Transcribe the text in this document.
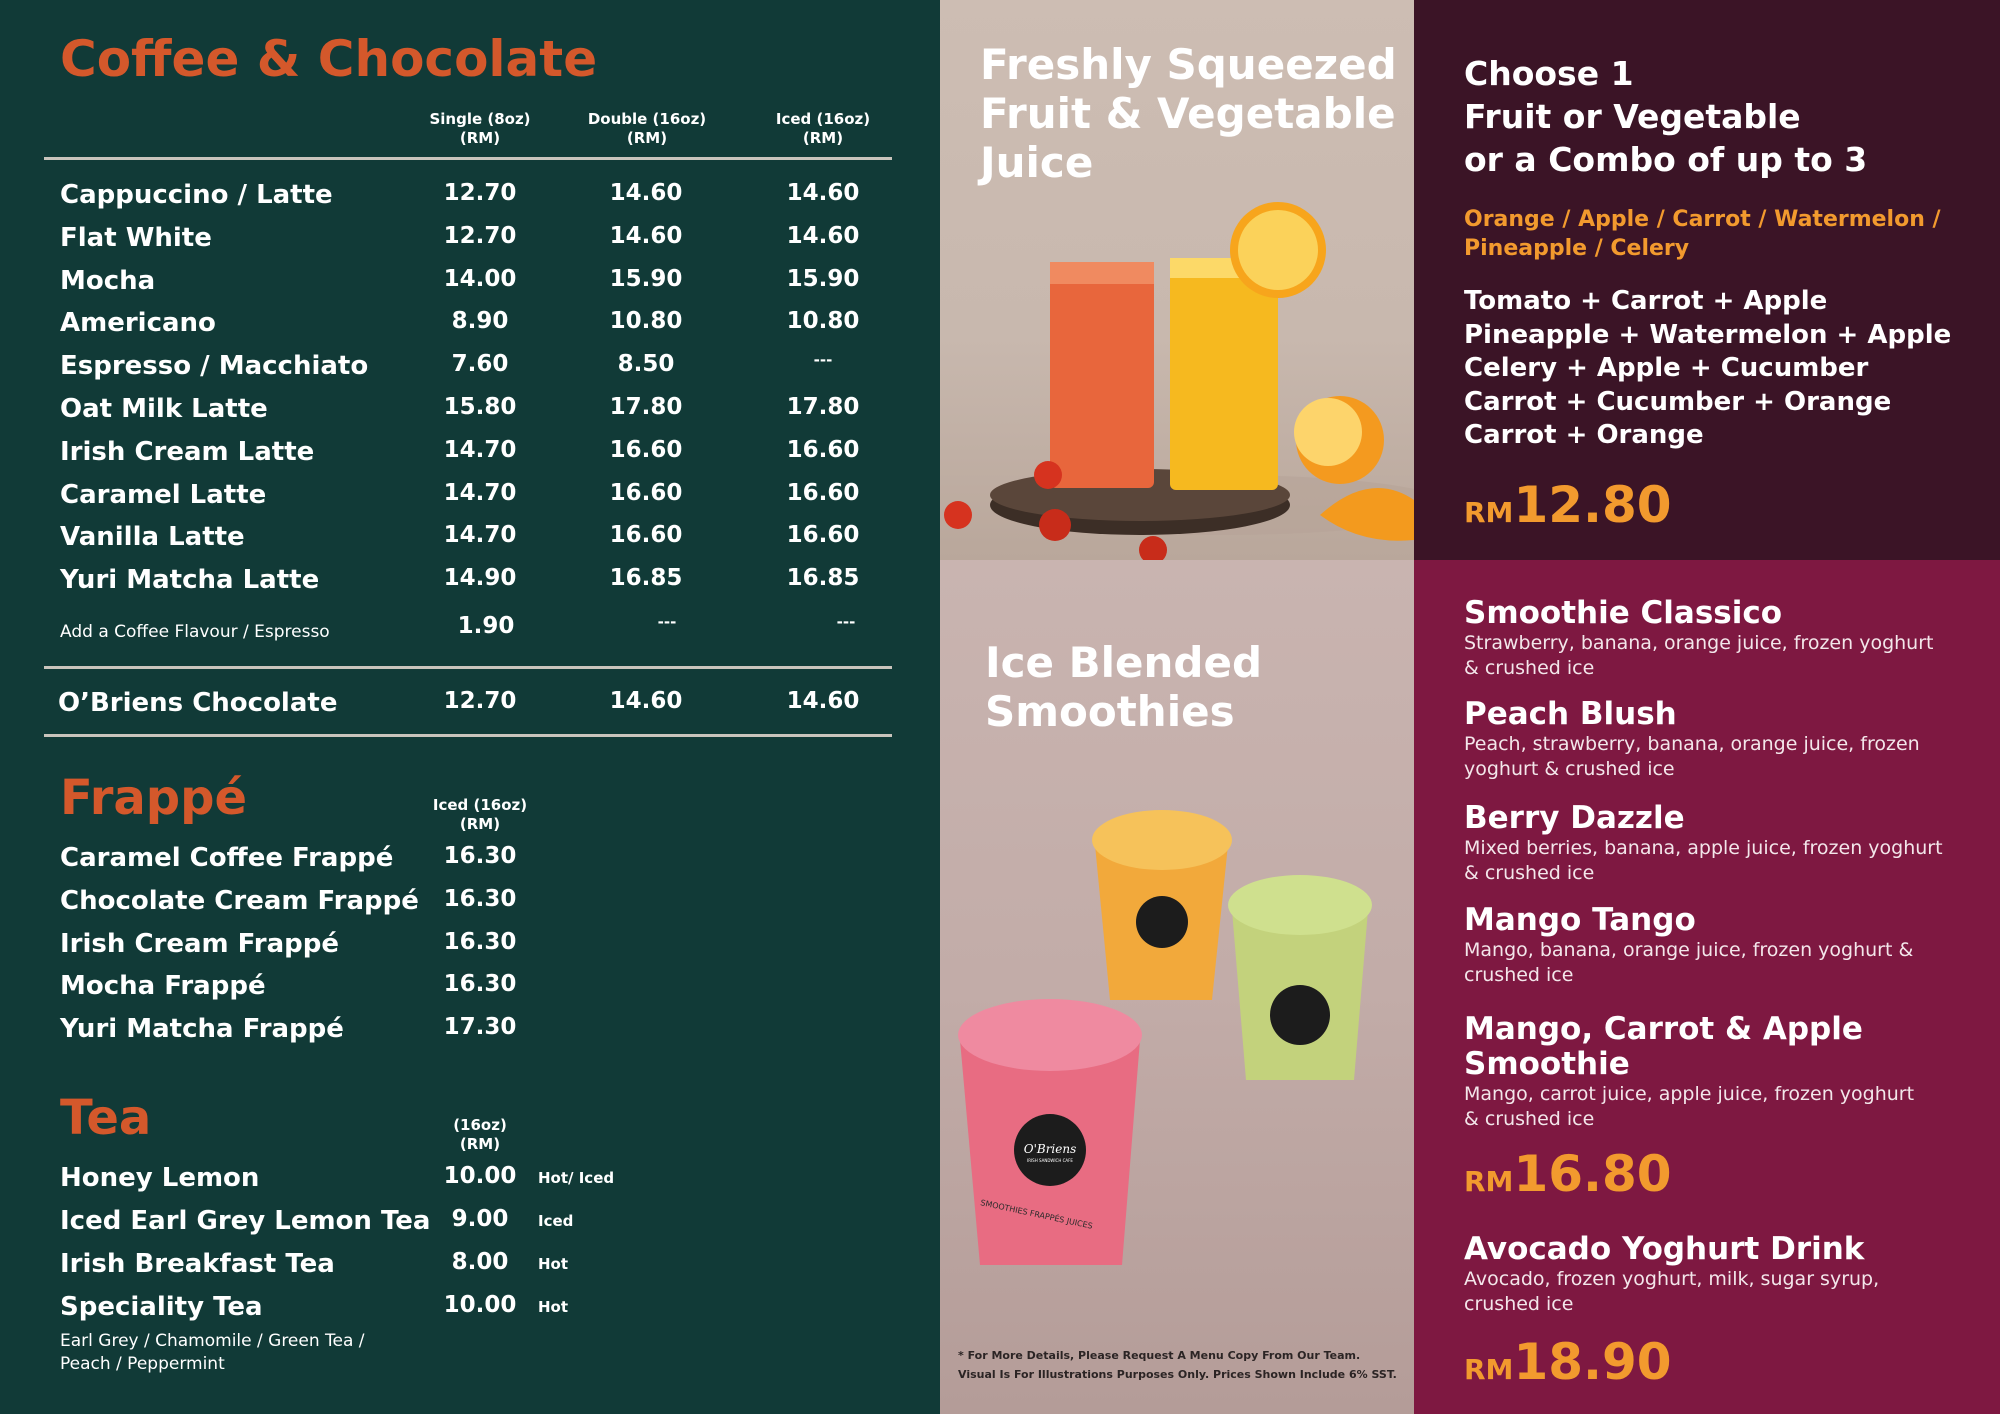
Coffee & Chocolate
Single (8oz)
(RM)
Double (16oz)
(RM)
Iced (16oz)
(RM)
Cappuccino / Latte	12.70	14.60	14.60
Flat White	12.70	14.60	14.60
Mocha	14.00	15.90	15.90
Americano	8.90	10.80	10.80
Espresso / Macchiato	7.60	8.50	---
Oat Milk Latte	15.80	17.80	17.80
Irish Cream Latte	14.70	16.60	16.60
Caramel Latte	14.70	16.60	16.60
Vanilla Latte	14.70	16.60	16.60
Yuri Matcha Latte	14.90	16.85	16.85
Add a Coffee Flavour / Espresso	1.90	---	---
O’Briens Chocolate	12.70	14.60	14.60
Frappé	Iced (16oz)
(RM)
Caramel Coffee Frappé	16.30
Chocolate Cream Frappé	16.30
Irish Cream Frappé	16.30
Mocha Frappé	16.30
Yuri Matcha Frappé	17.30
Tea	(16oz)
(RM)
Honey Lemon	10.00	Hot/ Iced
Iced Earl Grey Lemon Tea 9.00	Iced
Irish Breakfast Tea	8.00	Hot
Speciality Tea	10.00	Hot
Earl Grey / Chamomile / Green Tea /
Peach / Peppermint
Freshly Squeezed
Fruit & Vegetable
Juice
Ice Blended
Smoothies
O'Briens
IRISH SANDWICH CAFE
SMOOTHIES FRAPPÉS JUICES
* For More Details, Please Request A Menu Copy From Our Team.
Visual Is For Illustrations Purposes Only. Prices Shown Include 6% SST.
Choose 1
Fruit or Vegetable
or a Combo of up to 3
Orange / Apple / Carrot / Watermelon /
Pineapple / Celery
Tomato + Carrot + Apple
Pineapple + Watermelon + Apple
Celery + Apple + Cucumber
Carrot + Cucumber + Orange
Carrot + Orange
RM12.80
Smoothie Classico
Strawberry, banana, orange juice, frozen yoghurt
& crushed ice
Peach Blush
Peach, strawberry, banana, orange juice, frozen
yoghurt & crushed ice
Berry Dazzle
Mixed berries, banana, apple juice, frozen yoghurt
& crushed ice
Mango Tango
Mango, banana, orange juice, frozen yoghurt &
crushed ice
Mango, Carrot & Apple
Smoothie
Mango, carrot juice, apple juice, frozen yoghurt
& crushed ice
RM16.80
Avocado Yoghurt Drink
Avocado, frozen yoghurt, milk, sugar syrup,
crushed ice
RM18.90
